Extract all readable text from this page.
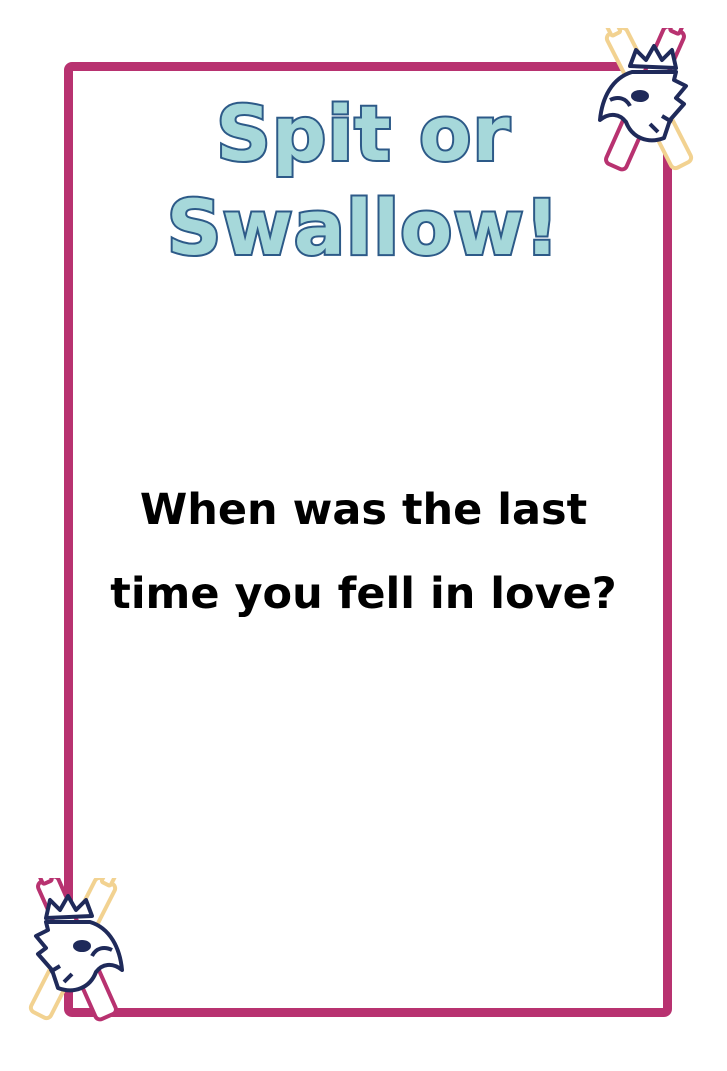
Spit or
Swallow!
When was the last time you fell in love?
